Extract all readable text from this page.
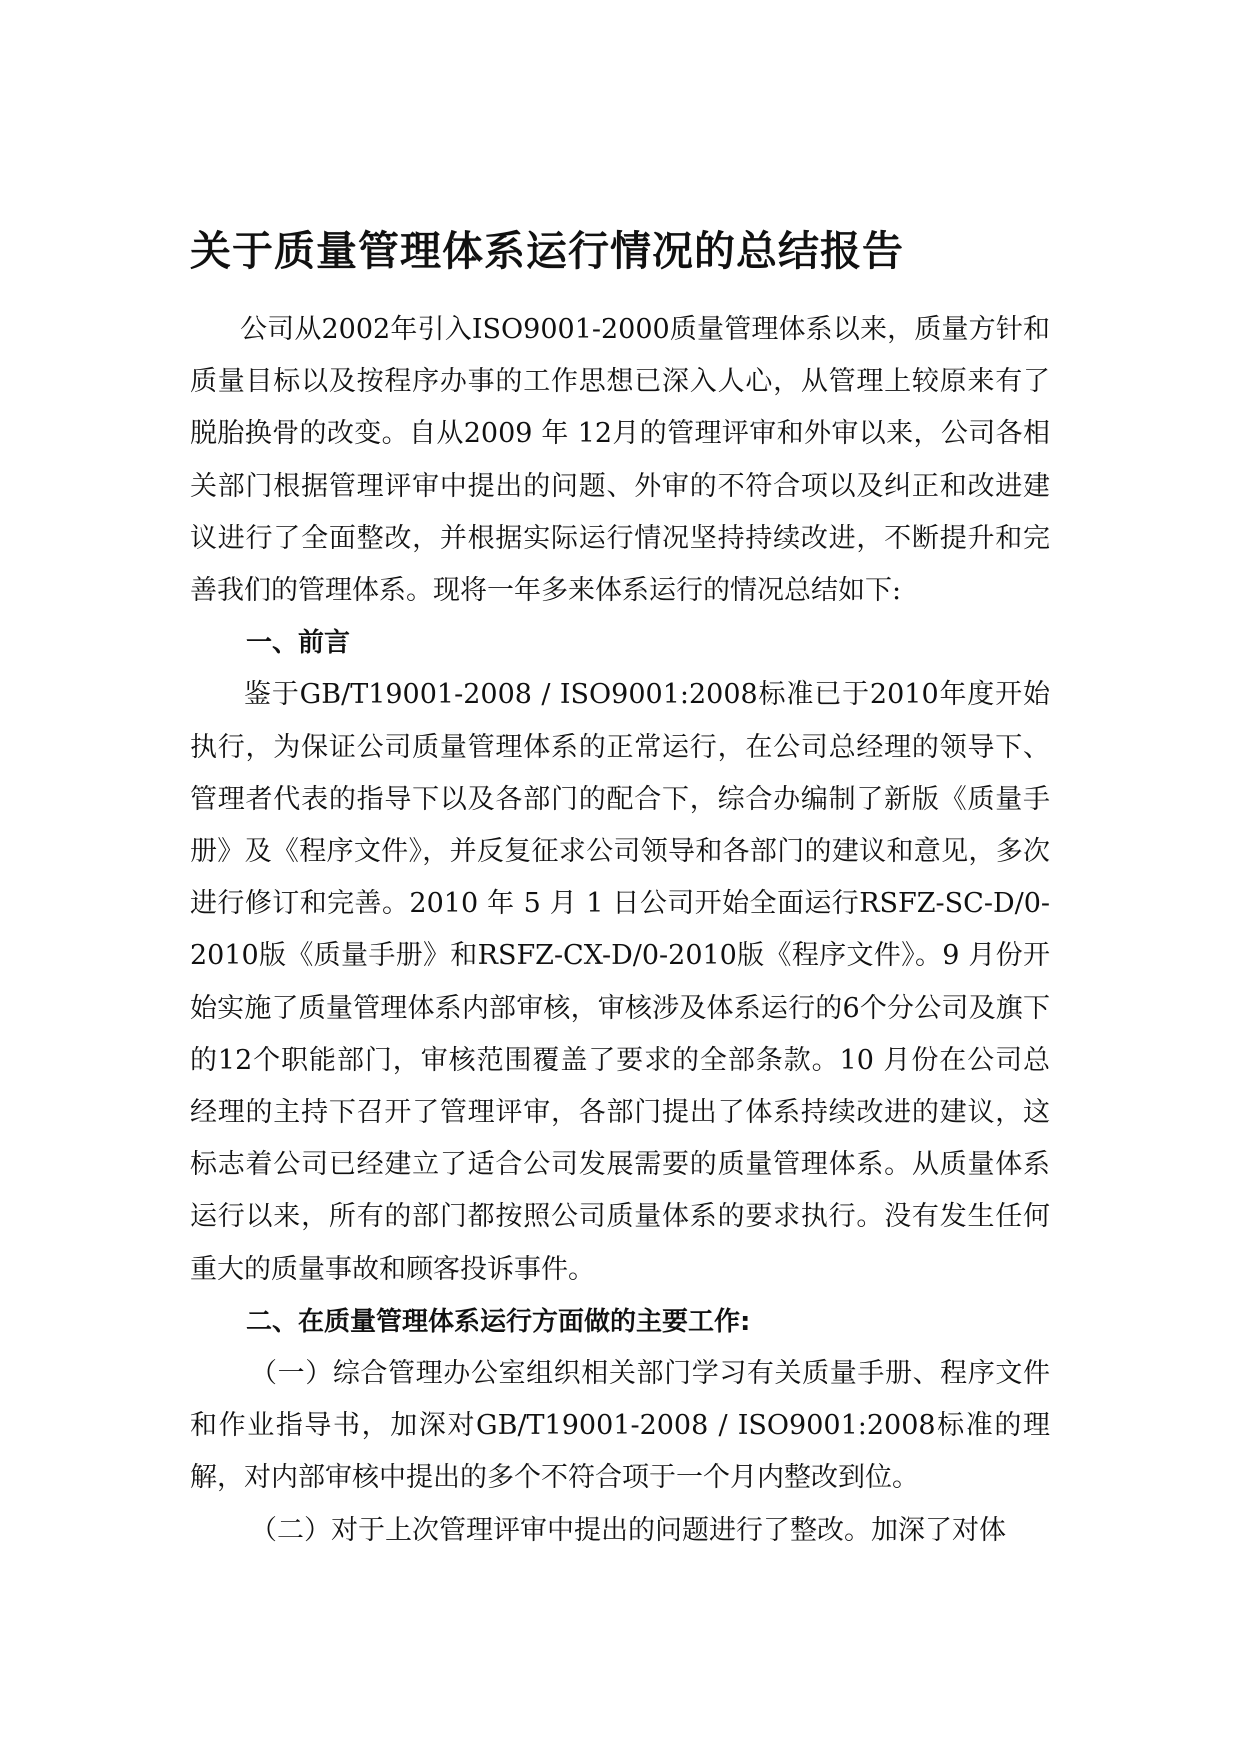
关于质量管理体系运行情况的总结报告

公司从2002年引入ISO9001-2000质量管理体系以来，质量方针和质量目标以及按程序办事的工作思想已深入人心，从管理上较原来有了脱胎换骨的改变。自从2009 年 12月的管理评审和外审以来，公司各相关部门根据管理评审中提出的问题、外审的不符合项以及纠正和改进建议进行了全面整改，并根据实际运行情况坚持持续改进，不断提升和完善我们的管理体系。现将一年多来体系运行的情况总结如下:

一、前言

鉴于GB/T19001-2008 / ISO9001:2008标准已于2010年度开始执行，为保证公司质量管理体系的正常运行，在公司总经理的领导下、管理者代表的指导下以及各部门的配合下，综合办编制了新版《质量手册》及《程序文件》，并反复征求公司领导和各部门的建议和意见，多次进行修订和完善。2010 年 5 月 1 日公司开始全面运行RSFZ-SC-D/0-2010版《质量手册》和RSFZ-CX-D/0-2010版《程序文件》。9 月份开始实施了质量管理体系内部审核，审核涉及体系运行的6个分公司及旗下的12个职能部门，审核范围覆盖了要求的全部条款。10 月份在公司总经理的主持下召开了管理评审，各部门提出了体系持续改进的建议，这标志着公司已经建立了适合公司发展需要的质量管理体系。从质量体系运行以来，所有的部门都按照公司质量体系的要求执行。没有发生任何重大的质量事故和顾客投诉事件。

二、在质量管理体系运行方面做的主要工作:

（一）综合管理办公室组织相关部门学习有关质量手册、程序文件和作业指导书，加深对GB/T19001-2008 / ISO9001:2008标准的理解，对内部审核中提出的多个不符合项于一个月内整改到位。

（二）对于上次管理评审中提出的问题进行了整改。加深了对体
